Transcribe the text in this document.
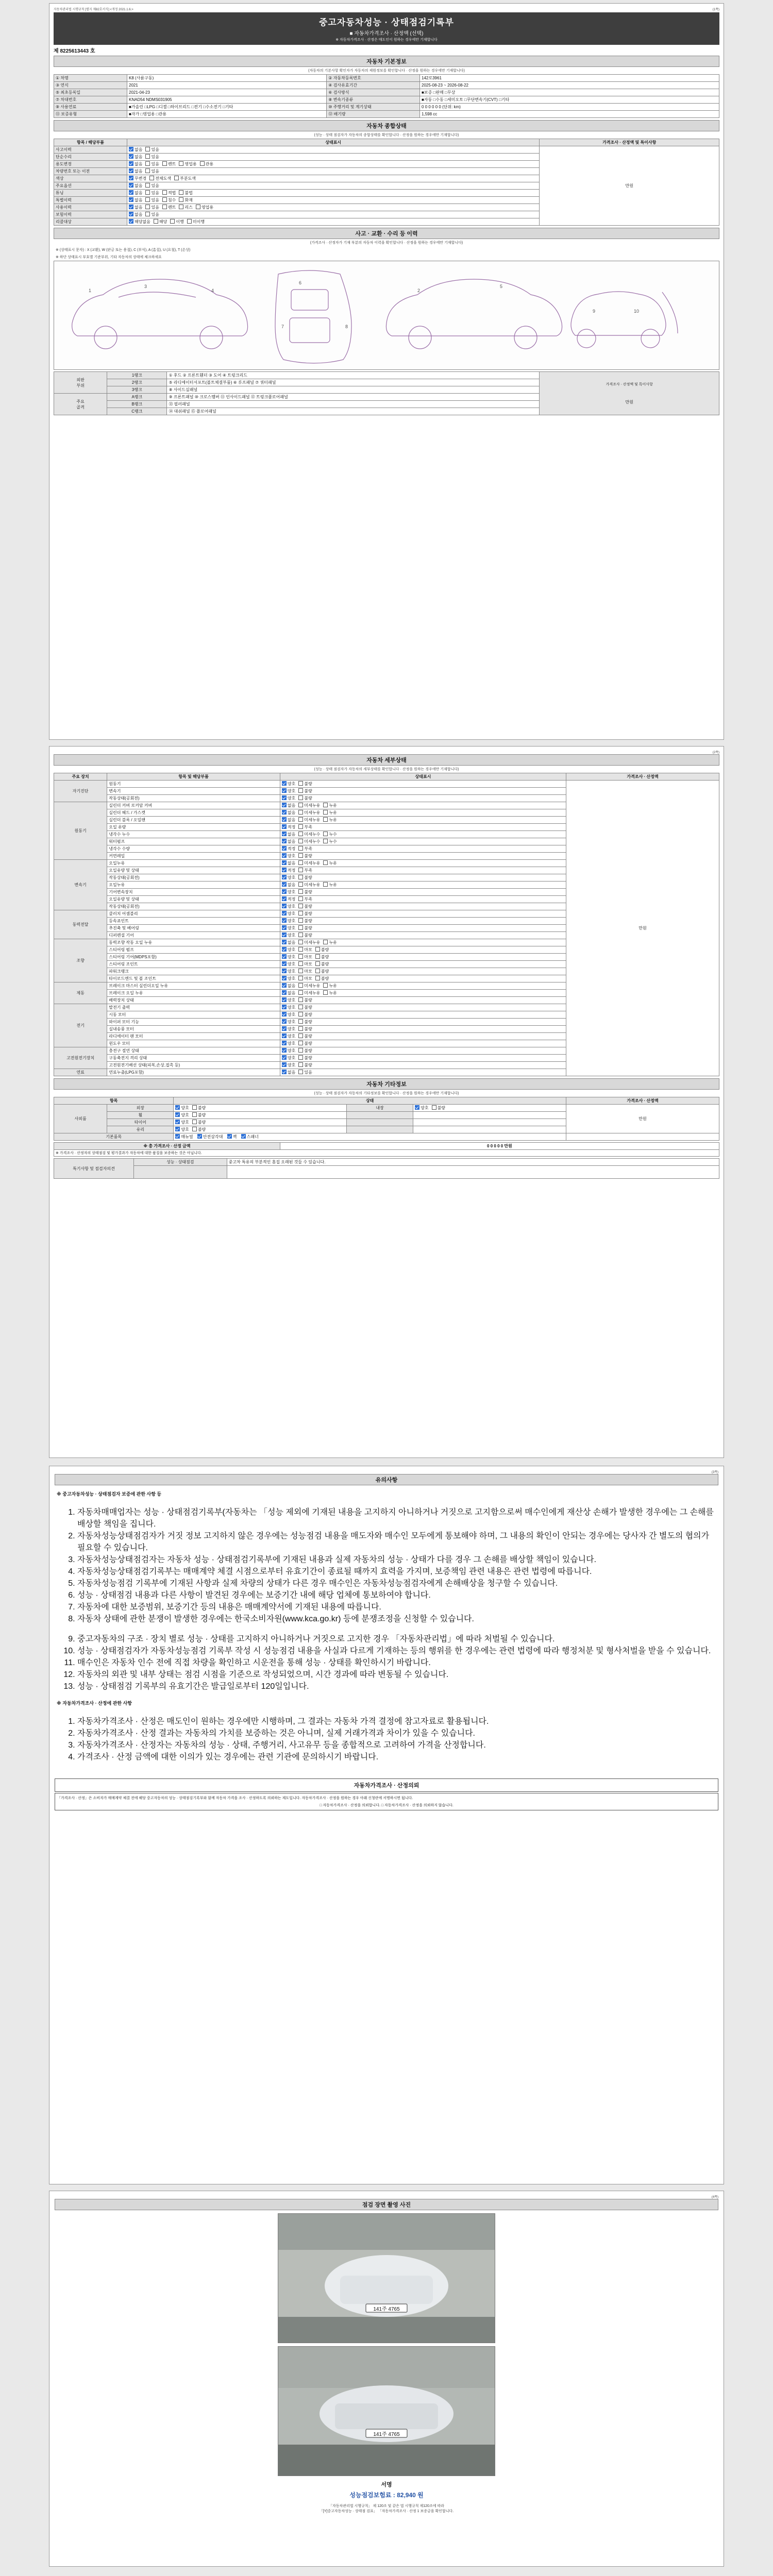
자동차관리법 시행규칙 [별지 제82호서식] <개정 2021.1.6.>	(1쪽)
중고자동차성능 · 상태점검기록부
■ 자동차가격조사 · 산정액 (선택)
※ 자동차가격조사 · 산정은 매도인이 원하는 경우에만 기재합니다
제 8225613443 호
자동차 기본정보
(자동차의 기본사항 확인자가 자동차의 제원정보를 확인합니다 · 산정을 원하는 경우에만 기재합니다)
① 차명	K8 (사륜구동)	② 자동차등록번호	142로3961
③ 연식	2021	④ 검사유효기간	2025-08-23 ~ 2026-08-22
⑤ 최초등록일	2021-04-23	⑥ 검사방식	■보증 □판매 □무상
⑦ 차대번호	KNAD54 NDMS031905	⑧ 변속기종류	■자동 □수동 □세미오토 □무단변속기(CVT) □기타
⑨ 사용연료	■가솔린 □LPG □디젤 □하이브리드 □전기 □수소전기 □기타	⑩ 주행거리 및 계기상태	0 0 0 0 0 0 (단위: km)
⑪ 보증유형	■자가 □영업용 □관용	⑫ 배기량	1,598 cc
자동차 종합상태
(성능 · 상태 점검자가 자동차의 종합상태를 확인합니다 · 산정을 원하는 경우에만 기재합니다)
항목 / 해당부품	상태표시	가격조사 · 산정액 및 특이사항
사고이력	없음 있음	만원
단순수리	없음 있음	
용도변경	없음 있음 렌트 영업용 관용	
차량번호 또는 이전	없음 있음	
색상	무변경 전체도색 부분도색	
주요옵션	없음 있음	
튜닝	없음 있음 적법 불법	
특별이력	없음 있음 침수 화재	
사용이력	없음 있음 렌트 리스 영업용	
보험이력	없음 있음	
리콜대상	해당없음 해당 이행 미이행	
사고 · 교환 · 수리 등 이력
(가격조사 · 산정자가 기재 부분의 자동차 이력을 확인합니다 · 산정을 원하는 경우에만 기재합니다)
※ (상태표시 문자) : X (교환), W (판금 또는 용접), C (부식), A (흠집), U (요철), T (손상)
※ 하단 상태표시 부호별 기준부위, 기타 자동차의 상태에 체크하세요
1
3
4
6
7	8
2
5
9	10
외판
부위	1랭크	① 후드 ② 프론트휀더 ③ 도어 ④ 트렁크리드	
가격조사 · 산정액 및 특이사항
만원

	2랭크	⑤ 라디에이터서포트(볼트체결부품) ⑥ 루프패널 ⑦ 쿼터패널	
	3랭크	⑧ 사이드실패널	
주요
골격	A랭크	⑨ 프론트패널 ⑩ 크로스멤버 ⑪ 인사이드패널 ⑫ 트렁크플로어패널	
	B랭크	⑬ 필러패널	
	C랭크	⑭ 대쉬패널 ⑮ 플로어패널	
(2쪽)
자동차 세부상태
(성능 · 상태 점검자가 자동차의 세부상태를 확인합니다 · 산정을 원하는 경우에만 기재합니다)
주요 장치	항목 및 해당부품	상태표시	가격조사 · 산정액
자기진단	원동기	양호 불량	만원
	변속기	양호 불량	
	작동상태(공회전)	양호 불량	
원동기	실린더 커버 로커암 커버	없음 미세누유 누유	
	실린더 헤드 / 가스켓	없음 미세누유 누유	
	실린더 블록 / 오일팬	없음 미세누유 누유	
	오일 유량	적정 부족	
	냉각수 누수	없음 미세누수 누수	
	워터펌프	없음 미세누수 누수	
	냉각수 수량	적정 부족	
	커먼레일	양호 불량	
변속기	오일누유	없음 미세누유 누유	
	오일유량 및 상태	적정 부족	
	작동상태(공회전)	양호 불량	
	오일누유	없음 미세누유 누유	
	기어변속장치	양호 불량	
	오일유량 및 상태	적정 부족	
	작동상태(공회전)	양호 불량	
동력전달	클러치 어셈블리	양호 불량	
	등속죠인트	양호 불량	
	추진축 및 베어링	양호 불량	
	디퍼렌셜 기어	양호 불량	
조향	동력조향 작동 오일 누유	없음 미세누유 누유	
	스티어링 펌프	양호 마모 불량	
	스티어링 기어(MDPS포함)	양호 마모 불량	
	스티어링 조인트	양호 마모 불량	
	파워크랭크	양호 마모 불량	
	타이로드엔드 및 볼 조인트	양호 마모 불량	
제동	브레이크 마스터 실린더오일 누유	없음 미세누유 누유	
	브레이크 오일 누유	없음 미세누유 누유	
	배력장치 상태	양호 불량	
전기	발전기 출력	양호 불량	
	시동 모터	양호 불량	
	와이퍼 모터 기능	양호 불량	
	실내송풍 모터	양호 불량	
	라디에이터 팬 모터	양호 불량	
	윈도우 모터	양호 불량	
고전원전기장치	충전구 절연 상태	양호 불량	
	구동축전지 격리 상태	양호 불량	
	고전원전기배선 상태(피복,손상,접촉 등)	양호 불량	
연료	연료누출(LPG포함)	없음 있음	
자동차 기타정보
(성능 · 상태 점검자가 자동차의 기타정보를 확인합니다 · 산정을 원하는 경우에만 기재합니다)
항목		상태			가격조사 · 산정액
사외품	외장	양호 불량	내장	양호 불량	만원
	휠	양호 불량			
	타이어	양호 불량			
	유리	양호 불량			
기본품목		매뉴얼 안전삼각대 잭 스패너			
※ 총 가격조사 · 산정 금액	0 0 0 0 0 만원
※ 가격조사 · 산정자의 상태점검 및 평가결과가 자동차에 대한 품질을 보증하는 것은 아닙니다.
특기사항 및 점검자의견	성능 · 상태점검	중고차 특유의 부분적인 흠집 오래된 것들 수 있습니다.

(3쪽)
유의사항
※ 중고자동차성능 · 상태점검자 보증에 관한 사항 등
1. 자동차매매업자는 성능 · 상태점검기록부(자동차는 「성능 제외에 기재된 내용을 고지하지 아니하거나 거짓으로 고지함으로써 매수인에게 재산상 손해가 발생한 경우에는 그 손해를 배상할 책임을 집니다.
2. 자동차성능상태점검자가 거짓 정보 고지하지 않은 경우에는 성능점검 내용을 매도자와 매수인 모두에게 통보해야 하며, 그 내용의 확인이 안되는 경우에는 당사자 간 별도의 협의가 필요할 수 있습니다.
3. 자동차성능상태점검자는 자동차 성능 · 상태점검기록부에 기재된 내용과 실제 자동차의 성능 · 상태가 다를 경우 그 손해를 배상할 책임이 있습니다.
4. 자동차성능상태점검기록부는 매매계약 체결 시점으로부터 유효기간이 종료될 때까지 효력을 가지며, 보증책임 관련 내용은 관련 법령에 따릅니다.
5. 자동차성능점검 기록부에 기재된 사항과 실제 차량의 상태가 다른 경우 매수인은 자동차성능점검자에게 손해배상을 청구할 수 있습니다.
6. 성능 · 상태점검 내용과 다른 사항이 발견된 경우에는 보증기간 내에 해당 업체에 통보하여야 합니다.
7. 자동차에 대한 보증범위, 보증기간 등의 내용은 매매계약서에 기재된 내용에 따릅니다.
8. 자동차 상태에 관한 분쟁이 발생한 경우에는 한국소비자원(www.kca.go.kr) 등에 분쟁조정을 신청할 수 있습니다.
9. 중고자동차의 구조 · 장치 별로 성능 · 상태를 고지하지 아니하거나 거짓으로 고지한 경우 「자동차관리법」에 따라 처벌될 수 있습니다.
10. 성능 · 상태점검자가 자동차성능점검 기록부 작성 시 성능점검 내용을 사실과 다르게 기재하는 등의 행위를 한 경우에는 관련 법령에 따라 행정처분 및 형사처벌을 받을 수 있습니다.
11. 매수인은 자동차 인수 전에 직접 차량을 확인하고 시운전을 통해 성능 · 상태를 확인하시기 바랍니다.
12. 자동차의 외관 및 내부 상태는 점검 시점을 기준으로 작성되었으며, 시간 경과에 따라 변동될 수 있습니다.
13. 성능 · 상태점검 기록부의 유효기간은 발급일로부터 120일입니다.
※ 자동차가격조사 · 산정에 관한 사항
1. 자동차가격조사 · 산정은 매도인이 원하는 경우에만 시행하며, 그 결과는 자동차 가격 결정에 참고자료로 활용됩니다.
2. 자동차가격조사 · 산정 결과는 자동차의 가치를 보증하는 것은 아니며, 실제 거래가격과 차이가 있을 수 있습니다.
3. 자동차가격조사 · 산정자는 자동차의 성능 · 상태, 주행거리, 사고유무 등을 종합적으로 고려하여 가격을 산정합니다.
4. 가격조사 · 산정 금액에 대한 이의가 있는 경우에는 관련 기관에 문의하시기 바랍니다.
자동차가격조사 · 산정의뢰
「가격조사 · 산정」은 소비자가 매매계약 체결 전에 해당 중고자동차의 성능 · 상태점검기록부와 함께 자동차 가격을 조사 · 산정하도록 의뢰하는 제도입니다. 자동차가격조사 · 산정을 원하는 경우 아래 신청란에 서명하시면 됩니다.
□ 자동차가격조사 · 산정을 의뢰합니다. □ 자동차가격조사 · 산정을 의뢰하지 않습니다.
(4쪽)
점검 장면 촬영 사진
141주 4765
141주 4765
서명
성능점검보험료 : 82,940 원
「자동차관리법 시행규칙」 제 120조 및 같은 법 시행규칙 제120조에 따라
「[Y]중고자동차성능 · 상태점 검표」 「자동차가격조사 · 산정 1 보증금을 확인합니다.
